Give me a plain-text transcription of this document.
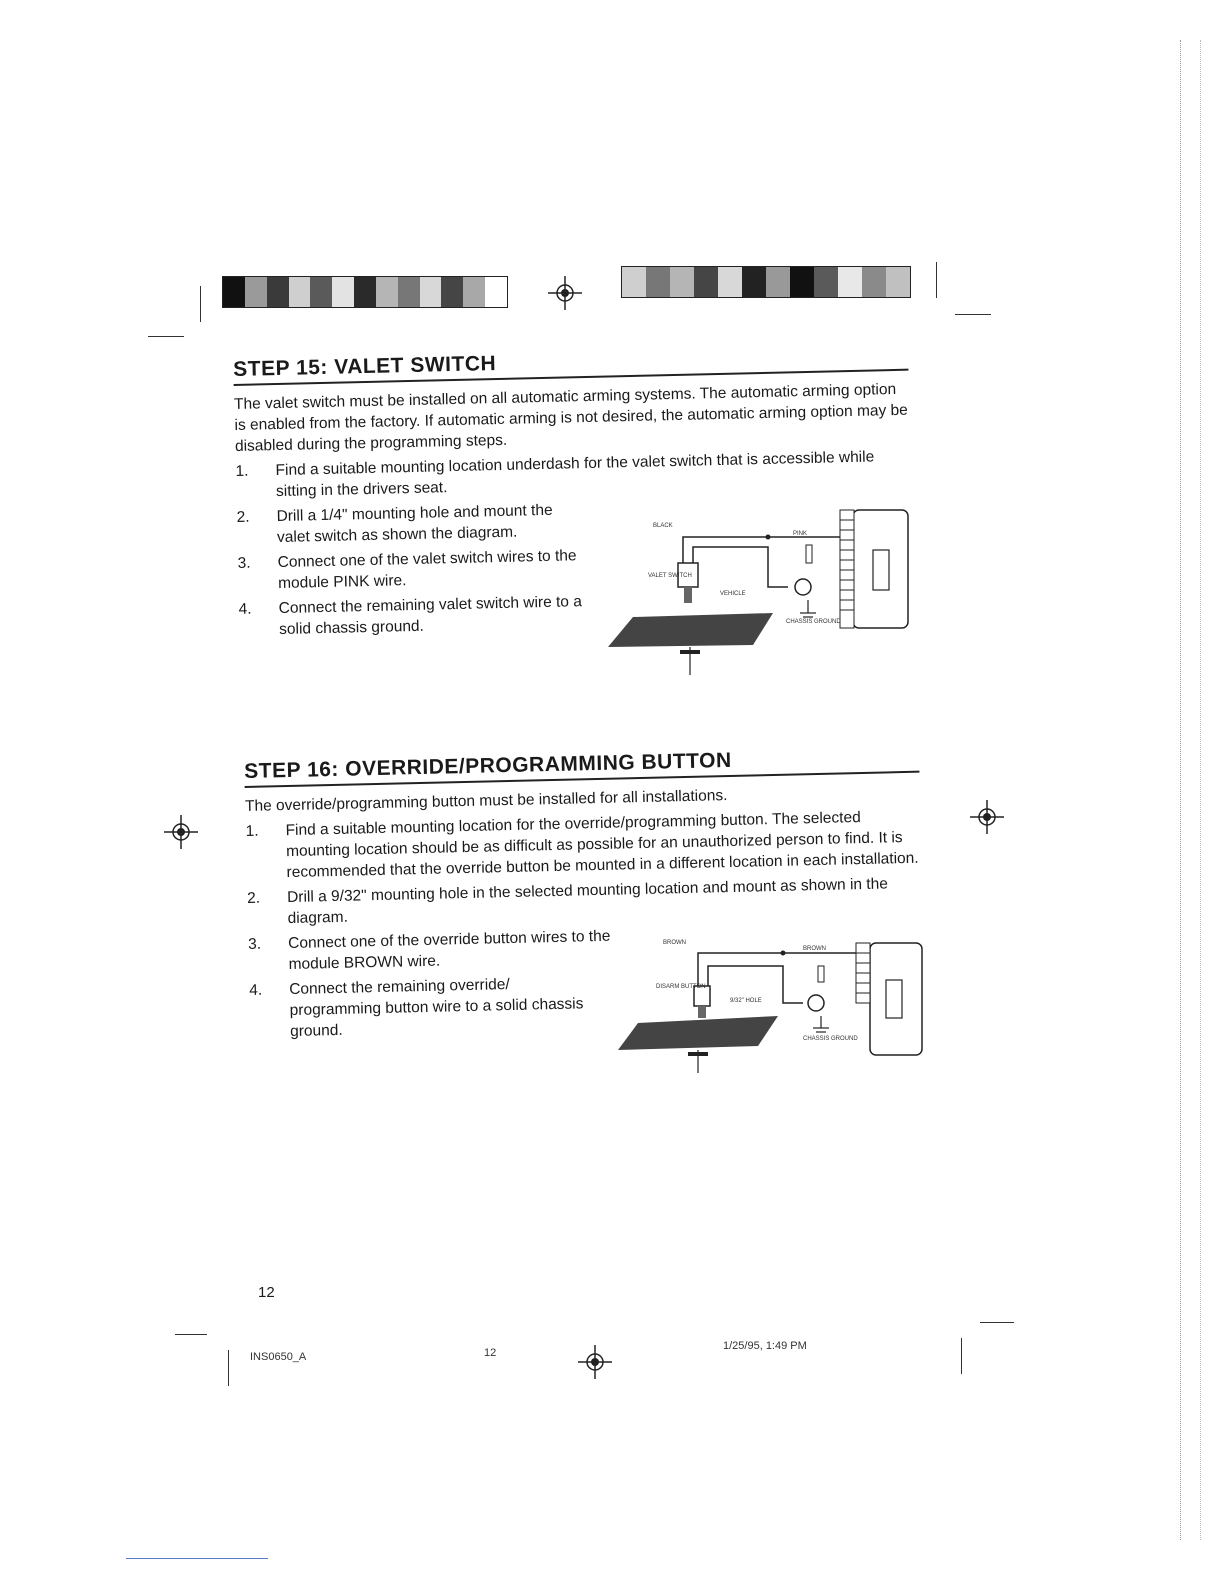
STEP 15: VALET SWITCH
The valet switch must be installed on all automatic arming systems. The automatic arming option is enabled from the factory. If automatic arming is not desired, the automatic arming option may be disabled during the programming steps.
1. Find a suitable mounting location underdash for the valet switch that is accessible while sitting in the drivers seat.
2. Drill a 1/4" mounting hole and mount the valet switch as shown the diagram.
3. Connect one of the valet switch wires to the module PINK wire.
4. Connect the remaining valet switch wire to a solid chassis ground.
BLACK
PINK
VALET SWITCH
VEHICLE
CHASSIS GROUND
STEP 16: OVERRIDE/PROGRAMMING BUTTON
The override/programming button must be installed for all installations.
1. Find a suitable mounting location for the override/programming button. The selected mounting location should be as difficult as possible for an unauthorized person to find. It is recommended that the override button be mounted in a different location in each installation.
2. Drill a 9/32" mounting hole in the selected mounting location and mount as shown in the diagram.
3. Connect one of the override button wires to the module BROWN wire.
4. Connect the remaining override/ programming button wire to a solid chassis ground.
BROWN
BROWN
DISARM BUTTON
9/32" HOLE
CHASSIS GROUND
12
INS0650_A	12
1/25/95, 1:49 PM
